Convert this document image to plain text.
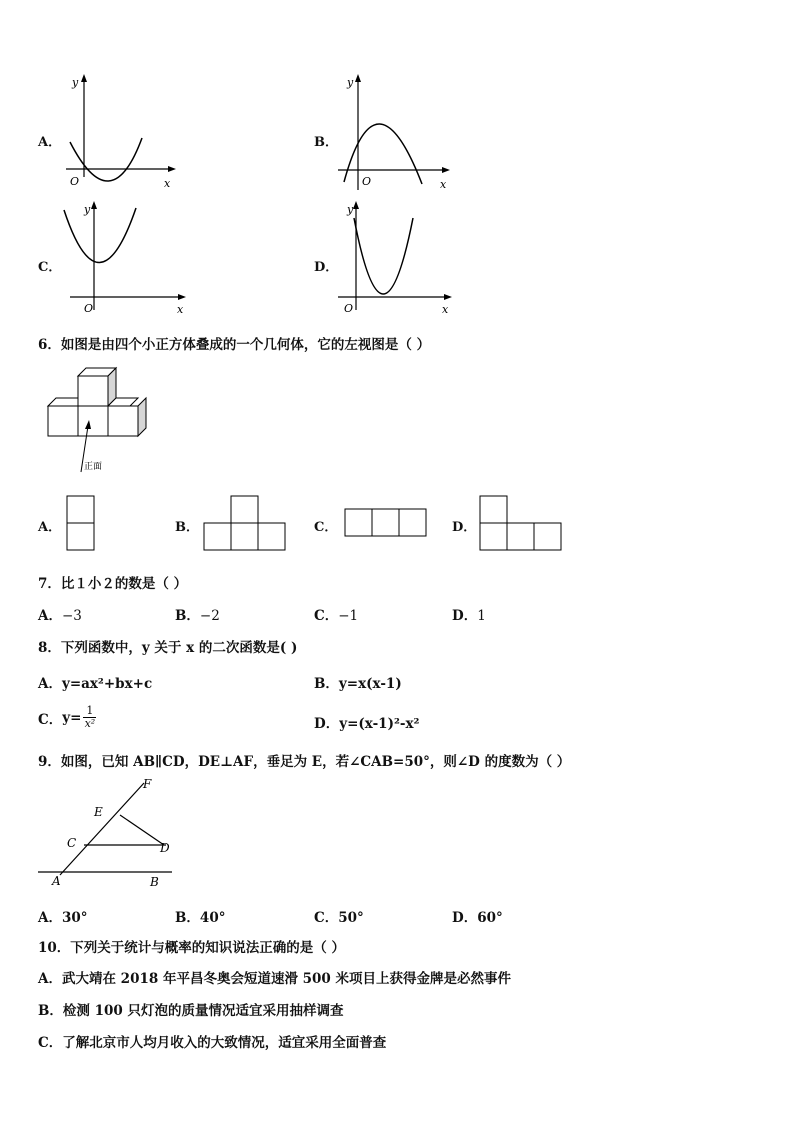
A．
y
x
O
B．
y
x
O
C．
y
x
O
D．
y
x
O
6．如图是由四个小正方体叠成的一个几何体，它的左视图是（ ）
正面
A．	B．	C．	D．
7．比１小２的数是（ ）
A．−3	B．−2	C．−1	D．1
8．下列函数中，y 关于 x 的二次函数是( )
A．y=ax²+bx+c	B．y=x(x-1)
C． $y= \frac{1}{\text{x²}}$	D．y=(x-1)²-x²
9．如图，已知 AB∥CD，DE⊥AF，垂足为 E，若∠CAB=50°，则∠D 的度数为（ ）
F
E
C	D
A	B
A．30°	B．40°	C．50°	D．60°
10．下列关于统计与概率的知识说法正确的是（ ）
A．武大靖在 2018 年平昌冬奥会短道速滑 500 米项目上获得金牌是必然事件
B．检测 100 只灯泡的质量情况适宜采用抽样调查
C．了解北京市人均月收入的大致情况，适宜采用全面普查
